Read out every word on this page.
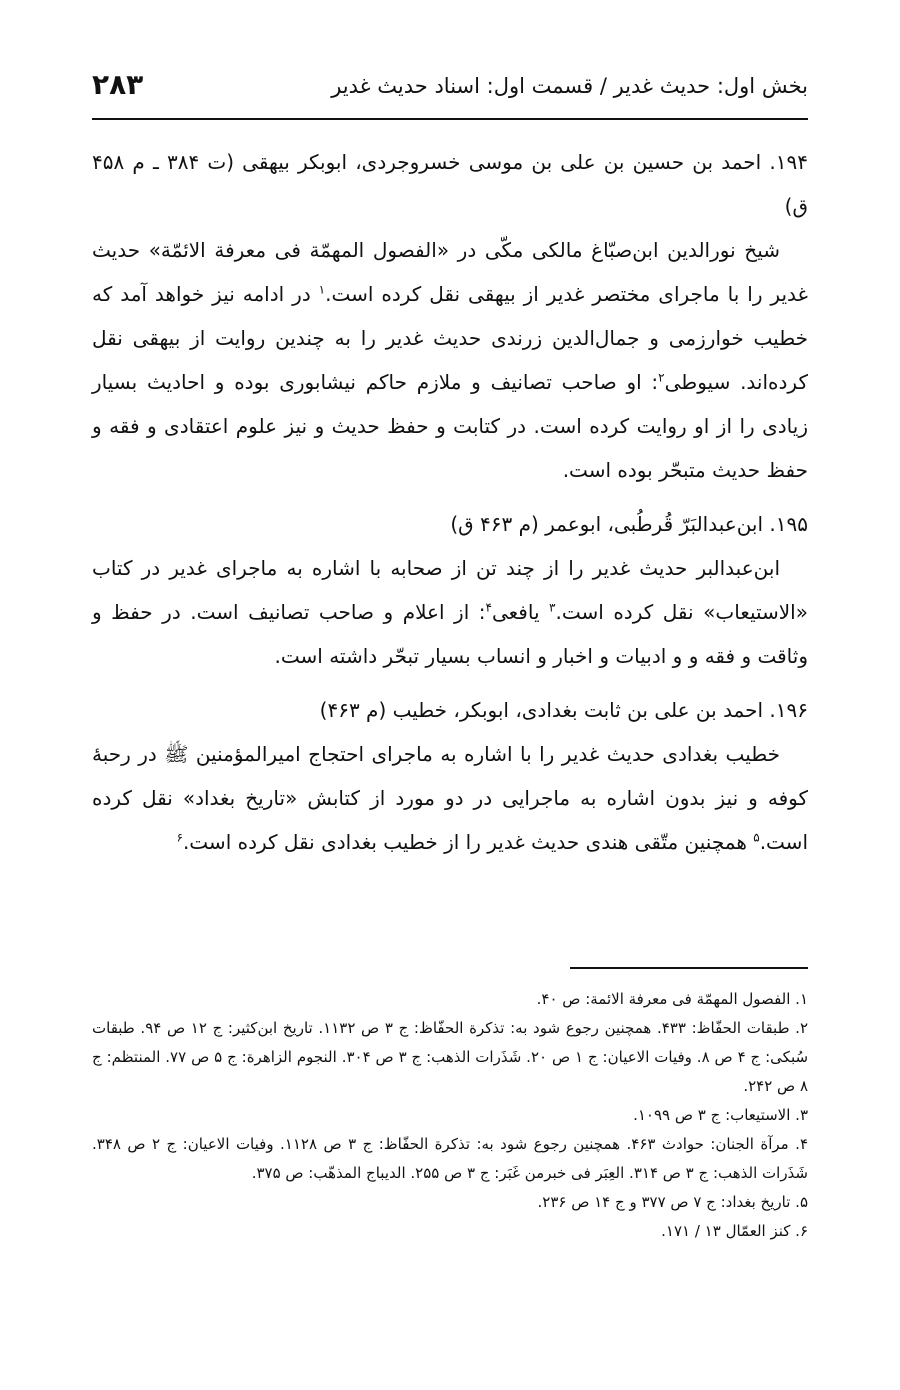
بخش اول: حدیث غدیر / قسمت اول: اسناد حدیث غدیر
۲۸۳

۱۹۴. احمد بن حسین بن علی بن موسی خسروجردی، ابوبکر بیهقی (ت ۳۸۴ ـ م ۴۵۸ ق)

شیخ نورالدین ابن‌صبّاغ مالکی مکّی در «الفصول المهمّة فی معرفة الائمّة» حدیث غدیر را با ماجرای مختصر غدیر از بیهقی نقل کرده است.$^۱$ در ادامه نیز خواهد آمد که خطیب خوارزمی و جمال‌الدین زرندی حدیث غدیر را به چندین روایت از بیهقی نقل کرده‌اند. سیوطی$^۲$: او صاحب تصانیف و ملازم حاکم نیشابوری بوده و احادیث بسیار زیادی را از او روایت کرده است. در کتابت و حفظ حدیث و نیز علوم اعتقادی و فقه و حفظ حدیث متبحّر بوده است.

۱۹۵. ابن‌عبدالبَرّ قُرطُبی، ابوعمر (م ۴۶۳ ق)

ابن‌عبدالبر حدیث غدیر را از چند تن از صحابه با اشاره به ماجرای غدیر در کتاب «الاستیعاب» نقل کرده است.$^۳$ یافعی$^۴$: از اعلام و صاحب تصانیف است. در حفظ و وثاقت و فقه و و ادبیات و اخبار و انساب بسیار تبحّر داشته است.

۱۹۶. احمد بن علی بن ثابت بغدادی، ابوبکر، خطیب (م ۴۶۳)

خطیب بغدادی حدیث غدیر را با اشاره به ماجرای احتجاج امیرالمؤمنین ﷺ در رحبهٔ کوفه و نیز بدون اشاره به ماجرایی در دو مورد از کتابش «تاریخ بغداد» نقل کرده است.$^۵$ همچنین متّقی هندی حدیث غدیر را از خطیب بغدادی نقل کرده است.$^۶$

۱. الفصول المهمّة فی معرفة الائمة: ص ۴۰.

۲. طبقات الحفّاظ: ۴۳۳. همچنین رجوع شود به: تذکرة الحفّاظ: ج ۳ ص ۱۱۳۲. تاریخ ابن‌کثیر: ج ۱۲ ص ۹۴. طبقات سُبکی: ج ۴ ص ۸. وفیات الاعیان: ج ۱ ص ۲۰. شَذَرات الذهب: ج ۳ ص ۳۰۴. النجوم الزاهرة: ج ۵ ص ۷۷. المنتظم: ج ۸ ص ۲۴۲.

۳. الاستیعاب: ج ۳ ص ۱۰۹۹.

۴. مرآة الجنان: حوادث ۴۶۳. همچنین رجوع شود به: تذکرة الحفّاظ: ج ۳ ص ۱۱۲۸. وفیات الاعیان: ج ۲ ص ۳۴۸. شَذَرات الذهب: ج ۳ ص ۳۱۴. العِبَر فی خبرمن غَبَر: ج ۳ ص ۲۵۵. الدیباج المذهّب: ص ۳۷۵.

۵. تاریخ بغداد: ج ۷ ص ۳۷۷ و ج ۱۴ ص ۲۳۶.

۶. کنز العمّال ۱۳ / ۱۷۱.
